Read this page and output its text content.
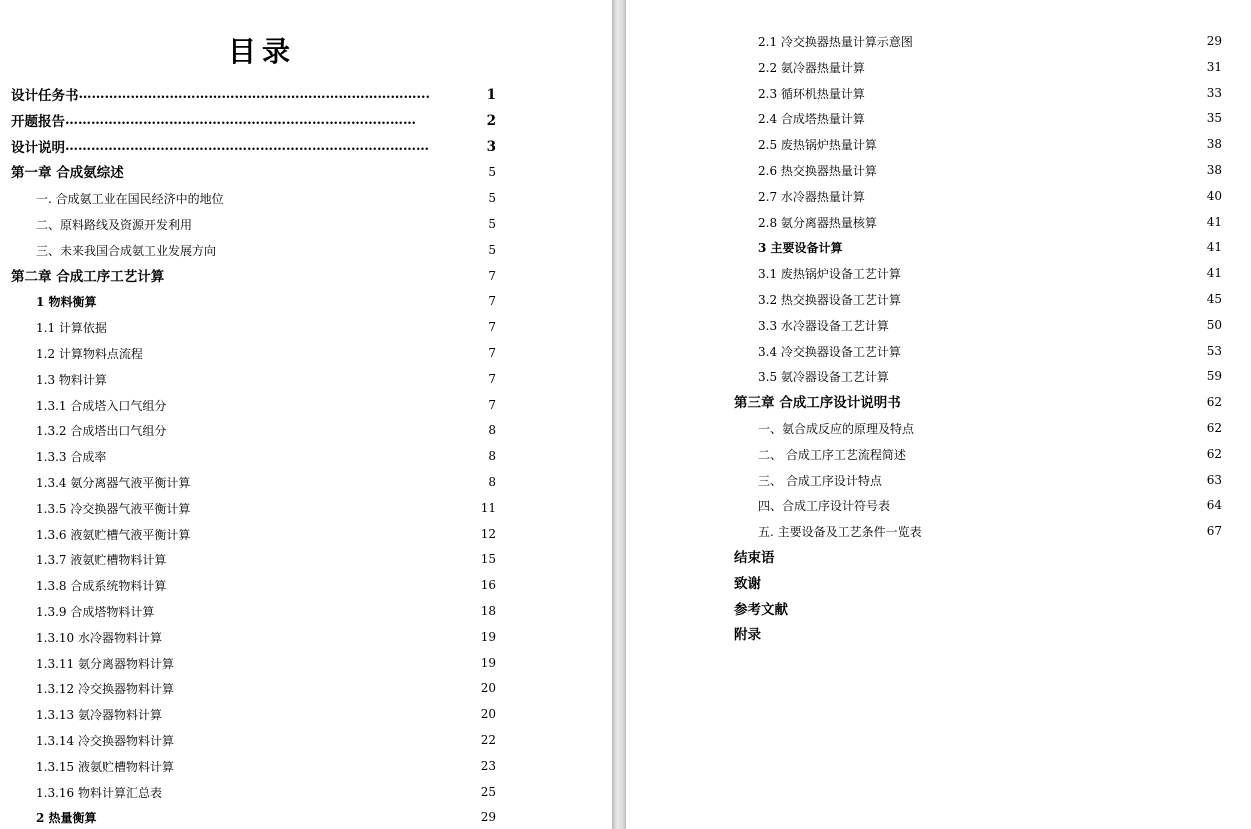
目录
设计任务书……………………………………………………………………...	1
开题报告………………………………………………………………………	2
设计说明…………………………………………………………………………	3
第一章 合成氨综述	5
一. 合成氨工业在国民经济中的地位	5
二、原料路线及资源开发利用	5
三、未来我国合成氨工业发展方向	5
第二章 合成工序工艺计算	7
1 物料衡算	7
1.1 计算依据	7
1.2 计算物料点流程	7
1.3 物料计算	7
1.3.1 合成塔入口气组分	7
1.3.2 合成塔出口气组分	8
1.3.3 合成率	8
1.3.4 氨分离器气液平衡计算	8
1.3.5 冷交换器气液平衡计算	11
1.3.6 液氨贮槽气液平衡计算	12
1.3.7 液氨贮槽物料计算	15
1.3.8 合成系统物料计算	16
1.3.9 合成塔物料计算	18
1.3.10 水冷器物料计算	19
1.3.11 氨分离器物料计算	19
1.3.12 冷交换器物料计算	20
1.3.13 氨冷器物料计算	20
1.3.14 冷交换器物料计算	22
1.3.15 液氨贮槽物料计算	23
1.3.16 物料计算汇总表	25
2 热量衡算	29
2.1 冷交换器热量计算示意图	29
2.2 氨冷器热量计算	31
2.3 循环机热量计算	33
2.4 合成塔热量计算	35
2.5 废热锅炉热量计算	38
2.6 热交换器热量计算	38
2.7 水冷器热量计算	40
2.8 氨分离器热量核算	41
3 主要设备计算	41
3.1 废热锅炉设备工艺计算	41
3.2 热交换器设备工艺计算	45
3.3 水冷器设备工艺计算	50
3.4 冷交换器设备工艺计算	53
3.5 氨冷器设备工艺计算	59
第三章 合成工序设计说明书	62
一、氨合成反应的原理及特点	62
二、 合成工序工艺流程简述	62
三、 合成工序设计特点	63
四、合成工序设计符号表	64
五. 主要设备及工艺条件一览表	67
结束语
致谢
参考文献
附录
